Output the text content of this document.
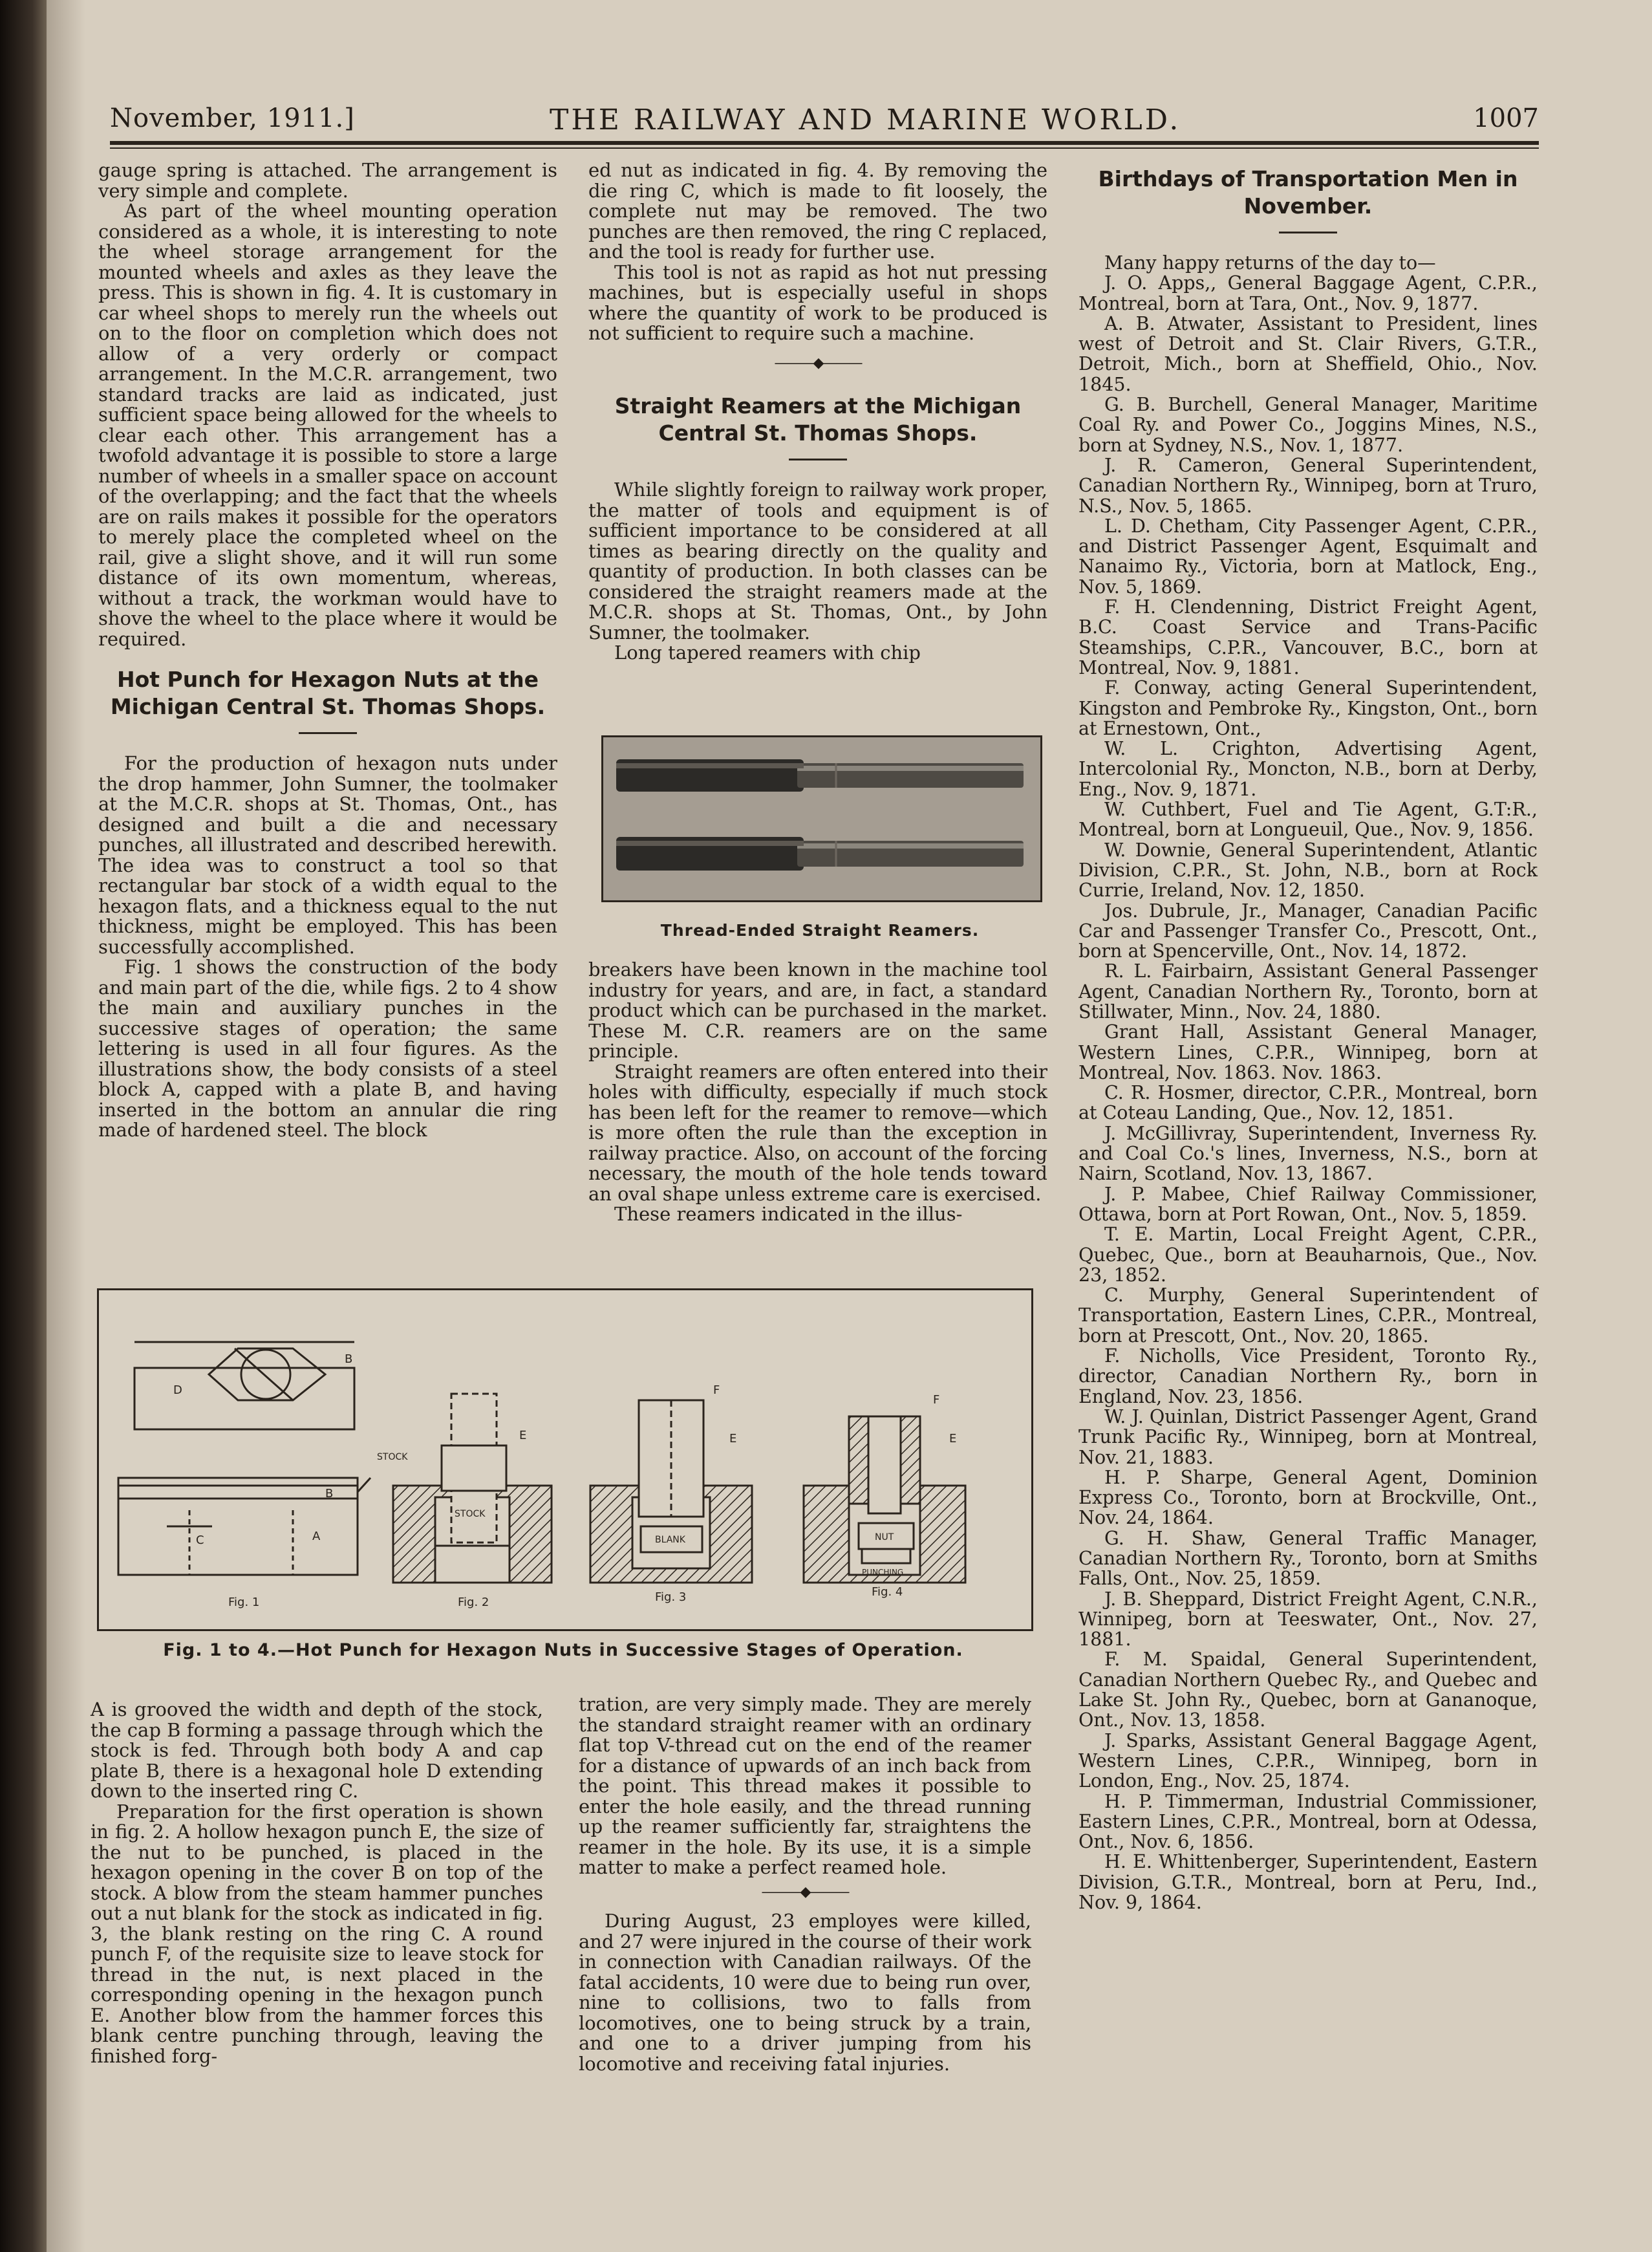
November, 1911.]	THE RAILWAY AND MARINE WORLD.	1007

gauge spring is attached. The arrangement is very simple and complete.

As part of the wheel mounting operation considered as a whole, it is interesting to note the wheel storage arrangement for the mounted wheels and axles as they leave the press. This is shown in fig. 4. It is customary in car wheel shops to merely run the wheels out on to the floor on completion which does not allow of a very orderly or compact arrangement. In the M.C.R. arrangement, two standard tracks are laid as indicated, just sufficient space being allowed for the wheels to clear each other. This arrangement has a twofold advantage it is possible to store a large number of wheels in a smaller space on account of the overlapping; and the fact that the wheels are on rails makes it possible for the operators to merely place the completed wheel on the rail, give a slight shove, and it will run some distance of its own momentum, whereas, without a track, the workman would have to shove the wheel to the place where it would be required.

Hot Punch for Hexagon Nuts at the Michigan Central St. Thomas Shops.

For the production of hexagon nuts under the drop hammer, John Sumner, the toolmaker at the M.C.R. shops at St. Thomas, Ont., has designed and built a die and necessary punches, all illustrated and described herewith. The idea was to construct a tool so that rectangular bar stock of a width equal to the hexagon flats, and a thickness equal to the nut thickness, might be employed. This has been successfully accomplished.

Fig. 1 shows the construction of the body and main part of the die, while figs. 2 to 4 show the main and auxiliary punches in the successive stages of operation; the same lettering is used in all four figures. As the illustrations show, the body consists of a steel block A, capped with a plate B, and having inserted in the bottom an annular die ring made of hardened steel. The block

ed nut as indicated in fig. 4. By removing the die ring C, which is made to fit loosely, the complete nut may be removed. The two punches are then removed, the ring C replaced, and the tool is ready for further use.

This tool is not as rapid as hot nut pressing machines, but is especially useful in shops where the quantity of work to be produced is not sufficient to require such a machine.

———◆———
Straight Reamers at the Michigan Central St. Thomas Shops.

While slightly foreign to railway work proper, the matter of tools and equipment is of sufficient importance to be considered at all times as bearing directly on the quality and quantity of production. In both classes can be considered the straight reamers made at the M.C.R. shops at St. Thomas, Ont., by John Sumner, the toolmaker.

Long tapered reamers with chip

Thread-Ended Straight Reamers.

breakers have been known in the machine tool industry for years, and are, in fact, a standard product which can be purchased in the market. These M. C.R. reamers are on the same principle.

Straight reamers are often entered into their holes with difficulty, especially if much stock has been left for the reamer to remove—which is more often the rule than the exception in railway practice. Also, on account of the forcing necessary, the mouth of the hole tends toward an oval shape unless extreme care is exercised.

These reamers indicated in the illus-

B
D
B
A
C
STOCK
STOCK
E
BLANK
F
E
NUT
PUNCHING
F
E
Fig. 1	Fig. 2	Fig. 3	Fig. 4
Fig. 1 to 4.—Hot Punch for Hexagon Nuts in Successive Stages of Operation.

A is grooved the width and depth of the stock, the cap B forming a passage through which the stock is fed. Through both body A and cap plate B, there is a hexagonal hole D extending down to the inserted ring C.

Preparation for the first operation is shown in fig. 2. A hollow hexagon punch E, the size of the nut to be punched, is placed in the hexagon opening in the cover B on top of the stock. A blow from the steam hammer punches out a nut blank for the stock as indicated in fig. 3, the blank resting on the ring C. A round punch F, of the requisite size to leave stock for thread in the nut, is next placed in the corresponding opening in the hexagon punch E. Another blow from the hammer forces this blank centre punching through, leaving the finished forg-

tration, are very simply made. They are merely the standard straight reamer with an ordinary flat top V-thread cut on the end of the reamer for a distance of upwards of an inch back from the point. This thread makes it possible to enter the hole easily, and the thread running up the reamer sufficiently far, straightens the reamer in the hole. By its use, it is a simple matter to make a perfect reamed hole.

———◆———

During August, 23 employes were killed, and 27 were injured in the course of their work in connection with Canadian railways. Of the fatal accidents, 10 were due to being run over, nine to collisions, two to falls from locomotives, one to being struck by a train, and one to a driver jumping from his locomotive and receiving fatal injuries.

Birthdays of Transportation Men in November.

Many happy returns of the day to—

J. O. Apps,, General Baggage Agent, C.P.R., Montreal, born at Tara, Ont., Nov. 9, 1877.

A. B. Atwater, Assistant to President, lines west of Detroit and St. Clair Rivers, G.T.R., Detroit, Mich., born at Sheffield, Ohio., Nov. 1845.

G. B. Burchell, General Manager, Maritime Coal Ry. and Power Co., Joggins Mines, N.S., born at Sydney, N.S., Nov. 1, 1877.

J. R. Cameron, General Superintendent, Canadian Northern Ry., Winnipeg, born at Truro, N.S., Nov. 5, 1865.

L. D. Chetham, City Passenger Agent, C.P.R., and District Passenger Agent, Esquimalt and Nanaimo Ry., Victoria, born at Matlock, Eng., Nov. 5, 1869.

F. H. Clendenning, District Freight Agent, B.C. Coast Service and Trans-Pacific Steamships, C.P.R., Vancouver, B.C., born at Montreal, Nov. 9, 1881.

F. Conway, acting General Superintendent, Kingston and Pembroke Ry., Kingston, Ont., born at Ernestown, Ont.,

W. L. Crighton, Advertising Agent, Intercolonial Ry., Moncton, N.B., born at Derby, Eng., Nov. 9, 1871.

W. Cuthbert, Fuel and Tie Agent, G.T:R., Montreal, born at Longueuil, Que., Nov. 9, 1856.

W. Downie, General Superintendent, Atlantic Division, C.P.R., St. John, N.B., born at Rock Currie, Ireland, Nov. 12, 1850.

Jos. Dubrule, Jr., Manager, Canadian Pacific Car and Passenger Transfer Co., Prescott, Ont., born at Spencerville, Ont., Nov. 14, 1872.

R. L. Fairbairn, Assistant General Passenger Agent, Canadian Northern Ry., Toronto, born at Stillwater, Minn., Nov. 24, 1880.

Grant Hall, Assistant General Manager, Western Lines, C.P.R., Winnipeg, born at Montreal, Nov. 1863. Nov. 1863.

C. R. Hosmer, director, C.P.R., Montreal, born at Coteau Landing, Que., Nov. 12, 1851.

J. McGillivray, Superintendent, Inverness Ry. and Coal Co.'s lines, Inverness, N.S., born at Nairn, Scotland, Nov. 13, 1867.

J. P. Mabee, Chief Railway Commissioner, Ottawa, born at Port Rowan, Ont., Nov. 5, 1859.

T. E. Martin, Local Freight Agent, C.P.R., Quebec, Que., born at Beauharnois, Que., Nov. 23, 1852.

C. Murphy, General Superintendent of Transportation, Eastern Lines, C.P.R., Montreal, born at Prescott, Ont., Nov. 20, 1865.

F. Nicholls, Vice President, Toronto Ry., director, Canadian Northern Ry., born in England, Nov. 23, 1856.

W. J. Quinlan, District Passenger Agent, Grand Trunk Pacific Ry., Winnipeg, born at Montreal, Nov. 21, 1883.

H. P. Sharpe, General Agent, Dominion Express Co., Toronto, born at Brockville, Ont., Nov. 24, 1864.

G. H. Shaw, General Traffic Manager, Canadian Northern Ry., Toronto, born at Smiths Falls, Ont., Nov. 25, 1859.

J. B. Sheppard, District Freight Agent, C.N.R., Winnipeg, born at Teeswater, Ont., Nov. 27, 1881.

F. M. Spaidal, General Superintendent, Canadian Northern Quebec Ry., and Quebec and Lake St. John Ry., Quebec, born at Gananoque, Ont., Nov. 13, 1858.

J. Sparks, Assistant General Baggage Agent, Western Lines, C.P.R., Winnipeg, born in London, Eng., Nov. 25, 1874.

H. P. Timmerman, Industrial Commissioner, Eastern Lines, C.P.R., Montreal, born at Odessa, Ont., Nov. 6, 1856.

H. E. Whittenberger, Superintendent, Eastern Division, G.T.R., Montreal, born at Peru, Ind., Nov. 9, 1864.
